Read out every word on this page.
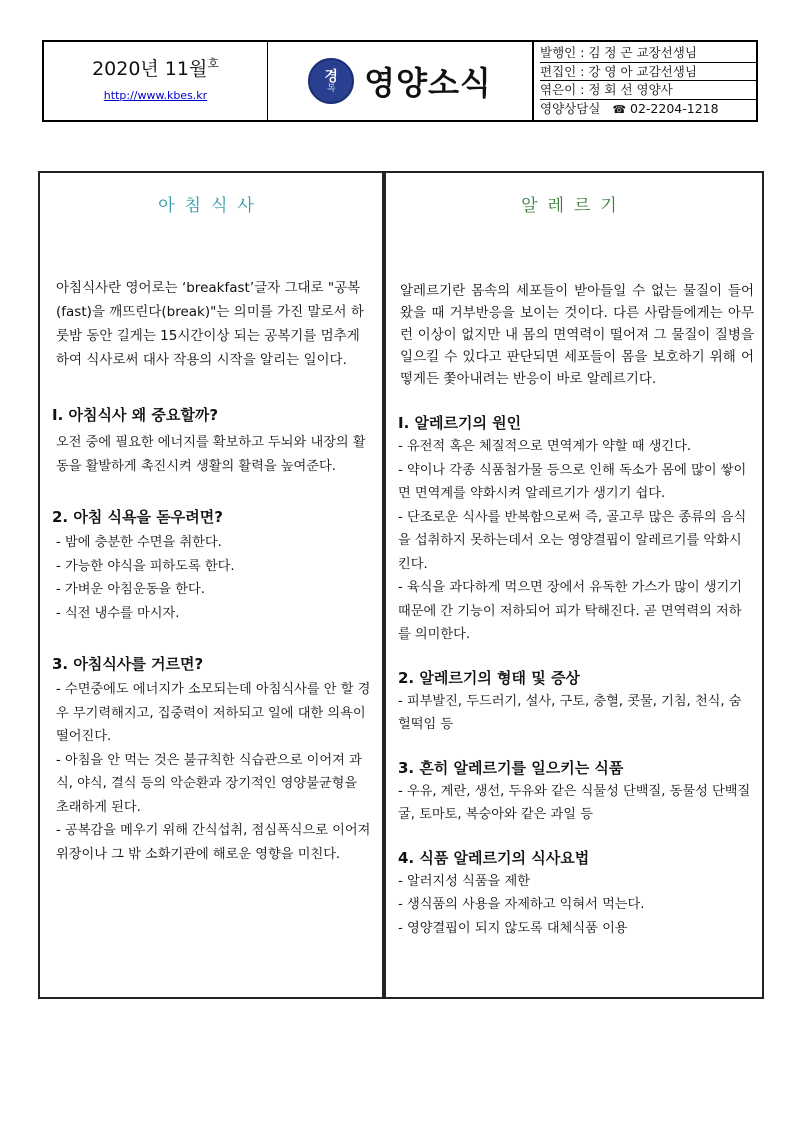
2020년 11월$^호$
http://www.kbes.kr
경
복 영양소식
발행인 : 김 정 곤 교장선생님
편집인 : 강 영 아 교감선생님
엮은이 : 정 회 선 영양사
영양상담실 ☎ 02-2204-1218
아침식사
아침식사란 영어로는 ‘breakfast’글자 그대로 "공복(fast)을 깨뜨린다(break)"는 의미를 가진 말로서 하룻밤 동안 길게는 15시간이상 되는 공복기를 멈추게 하여 식사로써 대사 작용의 시작을 알리는 일이다.
I. 아침식사 왜 중요할까?
오전 중에 필요한 에너지를 확보하고 두뇌와 내장의 활동을 활발하게 촉진시켜 생활의 활력을 높여준다.
2. 아침 식욕을 돋우려면?
- 밤에 충분한 수면을 취한다.
- 가능한 야식을 피하도록 한다.
- 가벼운 아침운동을 한다.
- 식전 냉수를 마시자.
3. 아침식사를 거르면?
- 수면중에도 에너지가 소모되는데 아침식사를 안 할 경우 무기력해지고, 집중력이 저하되고 일에 대한 의욕이 떨어진다.
- 아침을 안 먹는 것은 불규칙한 식습관으로 이어져 과식, 야식, 결식 등의 악순환과 장기적인 영양불균형을 초래하게 된다.
- 공복감을 메우기 위해 간식섭취, 점심폭식으로 이어져 위장이나 그 밖 소화기관에 해로운 영향을 미친다.
알레르기
알레르기란 몸속의 세포들이 받아들일 수 없는 물질이 들어왔을 때 거부반응을 보이는 것이다. 다른 사람들에게는 아무런 이상이 없지만 내 몸의 면역력이 떨어져 그 물질이 질병을 일으킬 수 있다고 판단되면 세포들이 몸을 보호하기 위해 어떻게든 쫓아내려는 반응이 바로 알레르기다.
I. 알레르기의 원인
- 유전적 혹은 체질적으로 면역계가 약할 때 생긴다.
- 약이나 각종 식품첨가물 등으로 인해 독소가 몸에 많이 쌓이면 면역계를 약화시켜 알레르기가 생기기 쉽다.
- 단조로운 식사를 반복함으로써 즉, 골고루 많은 종류의 음식을 섭취하지 못하는데서 오는 영양결핍이 알레르기를 악화시킨다.
- 육식을 과다하게 먹으면 장에서 유독한 가스가 많이 생기기 때문에 간 기능이 저하되어 피가 탁해진다. 곧 면역력의 저하를 의미한다.
2. 알레르기의 형태 및 증상
- 피부발진, 두드러기, 설사, 구토, 충혈, 콧물, 기침, 천식, 숨 헐떡임 등
3. 흔히 알레르기를 일으키는 식품
- 우유, 계란, 생선, 두유와 같은 식물성 단백질, 동물성 단백질 굴, 토마토, 복숭아와 같은 과일 등
4. 식품 알레르기의 식사요법
- 알러지성 식품을 제한
- 생식품의 사용을 자제하고 익혀서 먹는다.
- 영양결핍이 되지 않도록 대체식품 이용
